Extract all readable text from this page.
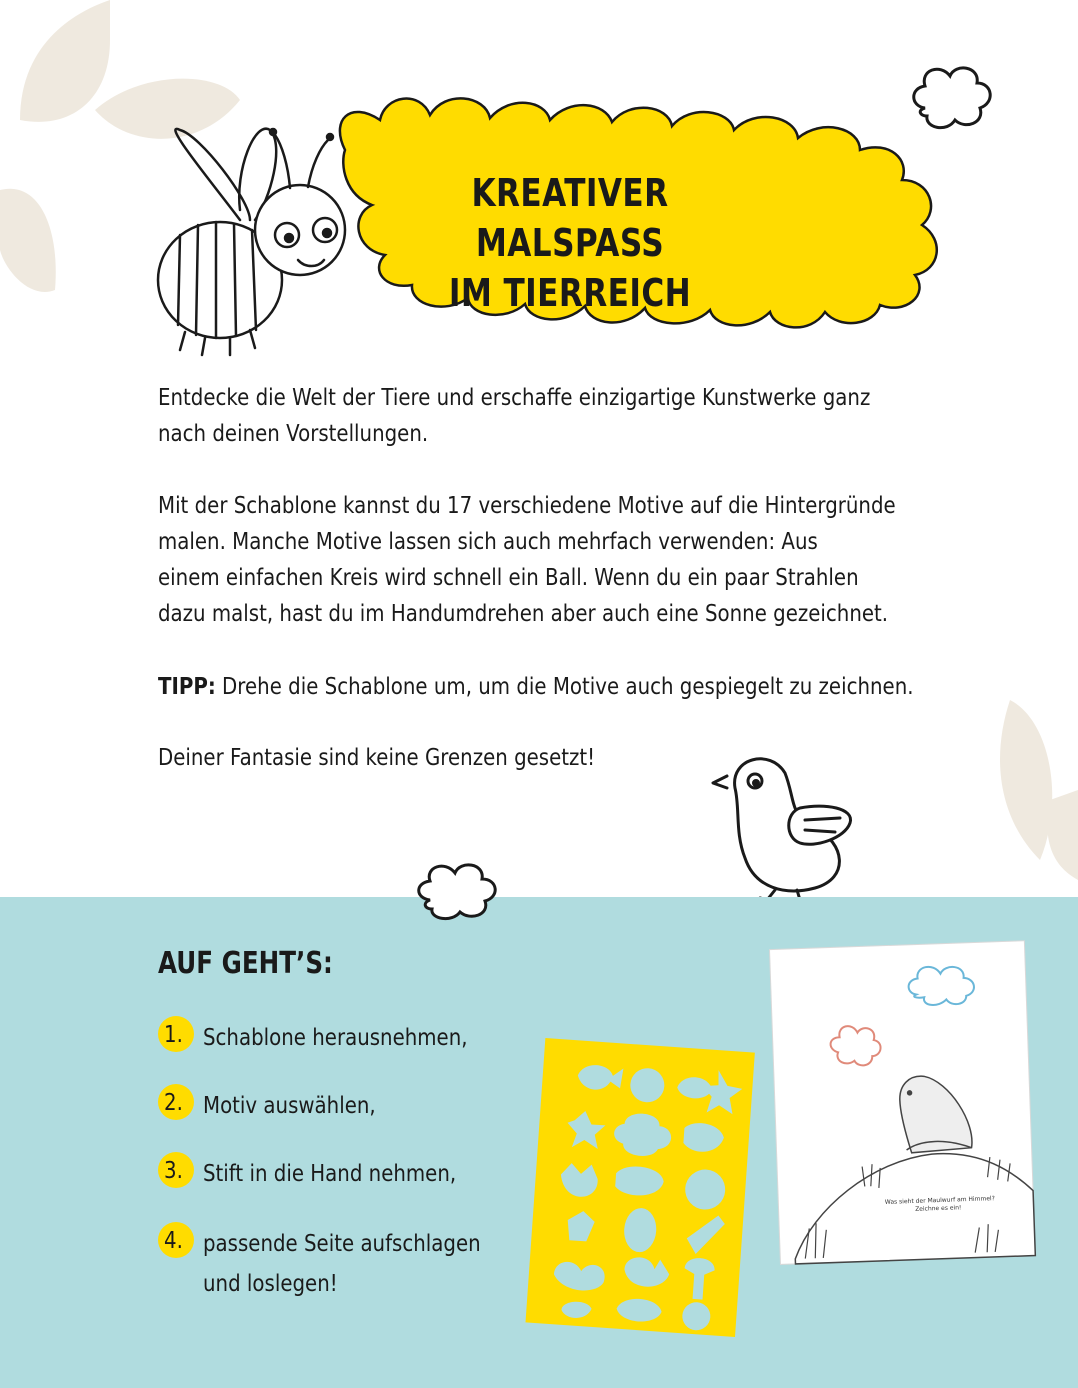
KREATIVER MALSPASS
IM TIERREICH
Entdecke die Welt der Tiere und erschaffe einzigartige Kunstwerke ganz
nach deinen Vorstellungen.
Mit der Schablone kannst du 17 verschiedene Motive auf die Hintergründe
malen. Manche Motive lassen sich auch mehrfach verwenden: Aus
einem einfachen Kreis wird schnell ein Ball. Wenn du ein paar Strahlen
dazu malst, hast du im Handumdrehen aber auch eine Sonne gezeichnet.
TIPP: Drehe die Schablone um, um die Motive auch gespiegelt zu zeichnen.
Deiner Fantasie sind keine Grenzen gesetzt!
AUF GEHT’S:
1. Schablone herausnehmen,
2. Motiv auswählen,
3. Stift in die Hand nehmen,
4. passende Seite aufschlagen
und loslegen!
Was sieht der Maulwurf am Himmel?
Zeichne es ein!
